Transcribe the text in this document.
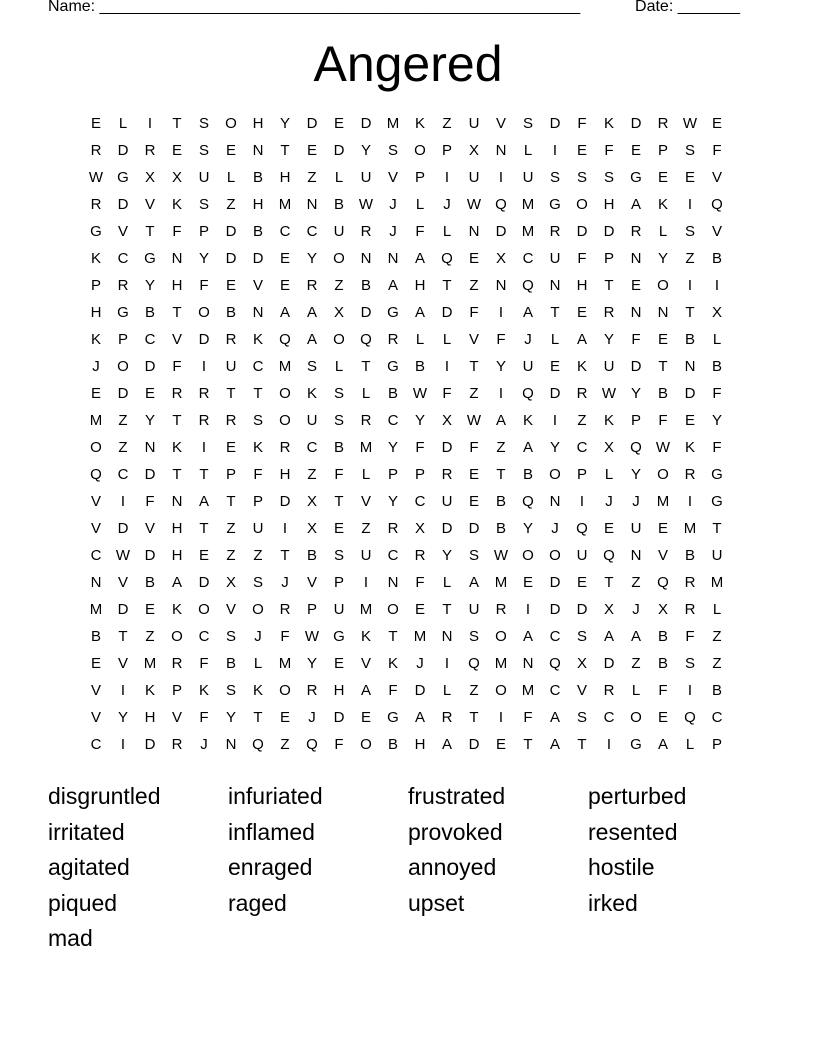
Name: ______________________________________________________	Date: _______
Angered
E	L	I	T	S	O	H	Y	D	E	D	M	K	Z	U	V	S	D	F	K	D	R W E
R	D	R	E	S	E	N	T	E	D	Y	S	O	P	X	N	L	I	E	F	E	P	S	F
W G	X	X	U	L	B	H	Z	L	U	V	P	I	U	I	U	S	S	S	G	E	E	V
R	D	V	K	S	Z	H	M	N	B W	J	L	J	W Q M G	O	H	A	K	I	Q
G	V	T	F	P	D	B	C	C	U	R	J	F	L	N	D	M	R	D	D	R	L	S	V
K	C	G	N	Y	D	D	E	Y	O	N	N	A	Q	E	X	C	U	F	P	N	Y	Z	B
P	R	Y	H	F	E	V	E	R	Z	B	A	H	T	Z	N	Q	N	H	T	E	O	I	I
H	G	B	T	O	B	N	A	A	X	D	G	A	D	F	I	A	T	E	R	N	N	T	X
K	P	C	V	D	R	K	Q	A	O	Q	R	L	L	V	F	J	L	A	Y	F	E	B	L
J	O	D	F	I	U	C	M	S	L	T	G	B	I	T	Y	U	E	K	U	D	T	N	B
E	D	E	R	R	T	T	O	K	S	L	B W	F	Z	I	Q	D	R W Y	B	D	F
M	Z	Y	T	R	R	S	O	U	S	R	C	Y	X W A	K	I	Z	K	P	F	E	Y
O	Z	N	K	I	E	K	R	C	B	M	Y	F	D	F	Z	A	Y	C	X	Q W K	F
Q	C	D	T	T	P	F	H	Z	F	L	P	P	R	E	T	B	O	P	L	Y	O	R	G
V	I	F	N	A	T	P	D	X	T	V	Y	C	U	E	B	Q	N	I	J	J	M	I	G
V	D	V	H	T	Z	U	I	X	E	Z	R	X	D	D	B	Y	J	Q	E	U	E	M	T
C W D	H	E	Z	Z	T	B	S	U	C	R	Y	S W O	O	U	Q	N	V	B	U
N	V	B	A	D	X	S	J	V	P	I	N	F	L	A	M	E	D	E	T	Z	Q	R	M
M	D	E	K	O	V	O	R	P	U	M O	E	T	U	R	I	D	D	X	J	X	R	L
B	T	Z	O	C	S	J	F	W G	K	T	M	N	S	O	A	C	S	A	A	B	F	Z
E	V	M	R	F	B	L	M	Y	E	V	K	J	I	Q M	N	Q	X	D	Z	B	S	Z
V	I	K	P	K	S	K	O	R	H	A	F	D	L	Z	O M	C	V	R	L	F	I	B
V	Y	H	V	F	Y	T	E	J	D	E	G	A	R	T	I	F	A	S	C	O	E	Q	C
C	I	D	R	J	N	Q	Z	Q	F	O	B	H	A	D	E	T	A	T	I	G	A	L	P
disgruntled	infuriated	frustrated	perturbed
irritated	inflamed	provoked	resented
agitated	enraged	annoyed	hostile
piqued	raged	upset	irked
mad
